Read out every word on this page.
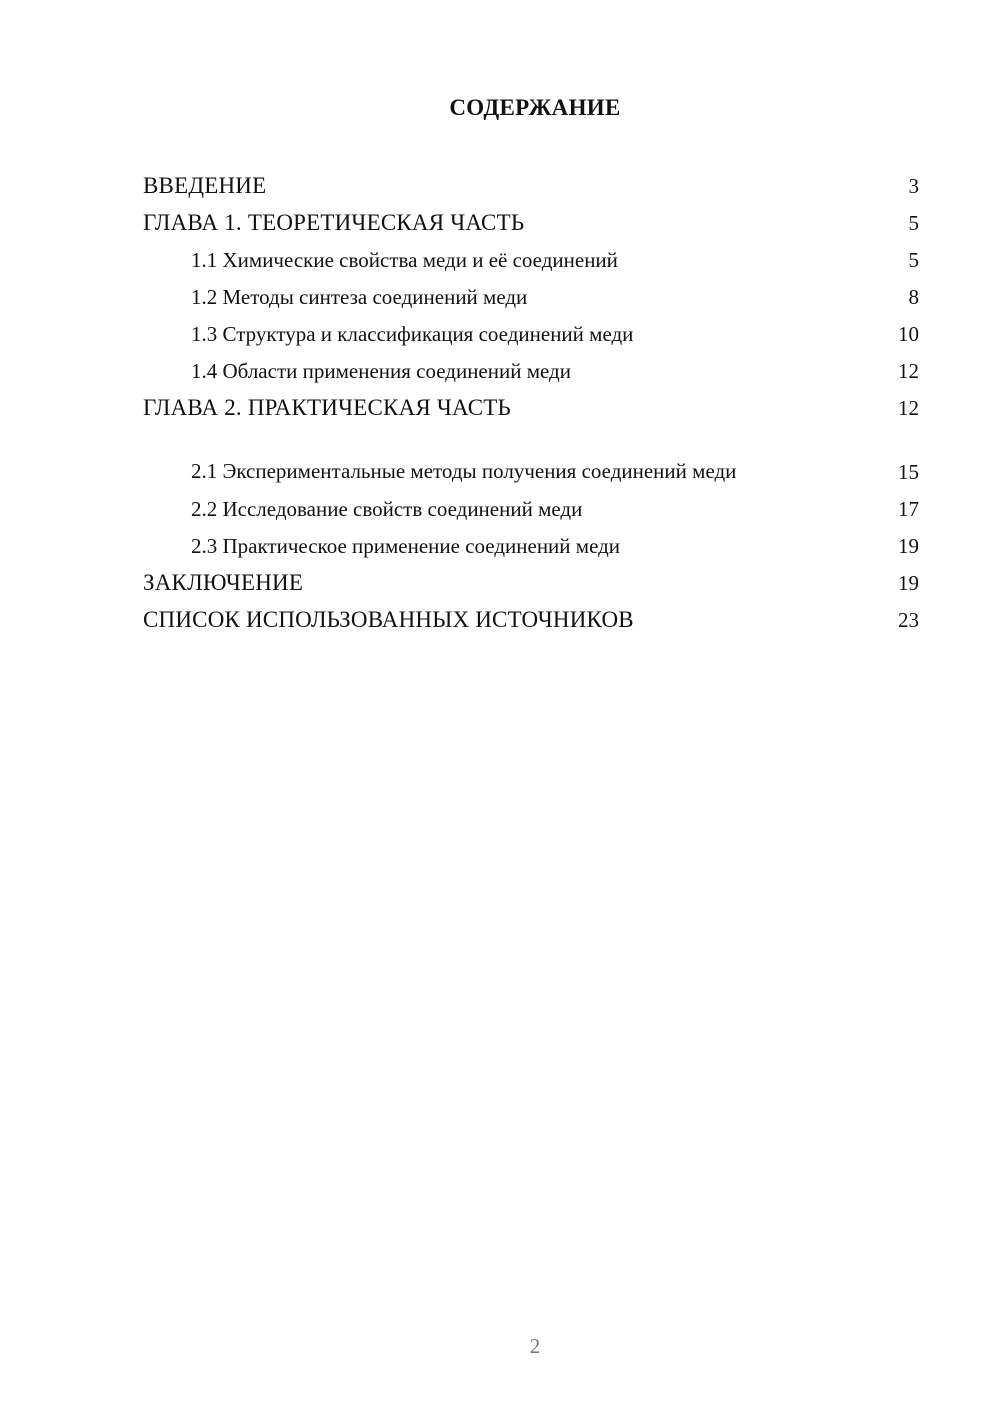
СОДЕРЖАНИЕ
ВВЕДЕНИЕ	3
ГЛАВА 1. ТЕОРЕТИЧЕСКАЯ ЧАСТЬ	5
1.1 Химические свойства меди и её соединений	5
1.2 Методы синтеза соединений меди	8
1.3 Структура и классификация соединений меди	10
1.4 Области применения соединений меди	12
ГЛАВА 2. ПРАКТИЧЕСКАЯ ЧАСТЬ	12
2.1 Экспериментальные методы получения соединений меди	15
2.2 Исследование свойств соединений меди	17
2.3 Практическое применение соединений меди	19
ЗАКЛЮЧЕНИЕ	19
СПИСОК ИСПОЛЬЗОВАННЫХ ИСТОЧНИКОВ	23
2
